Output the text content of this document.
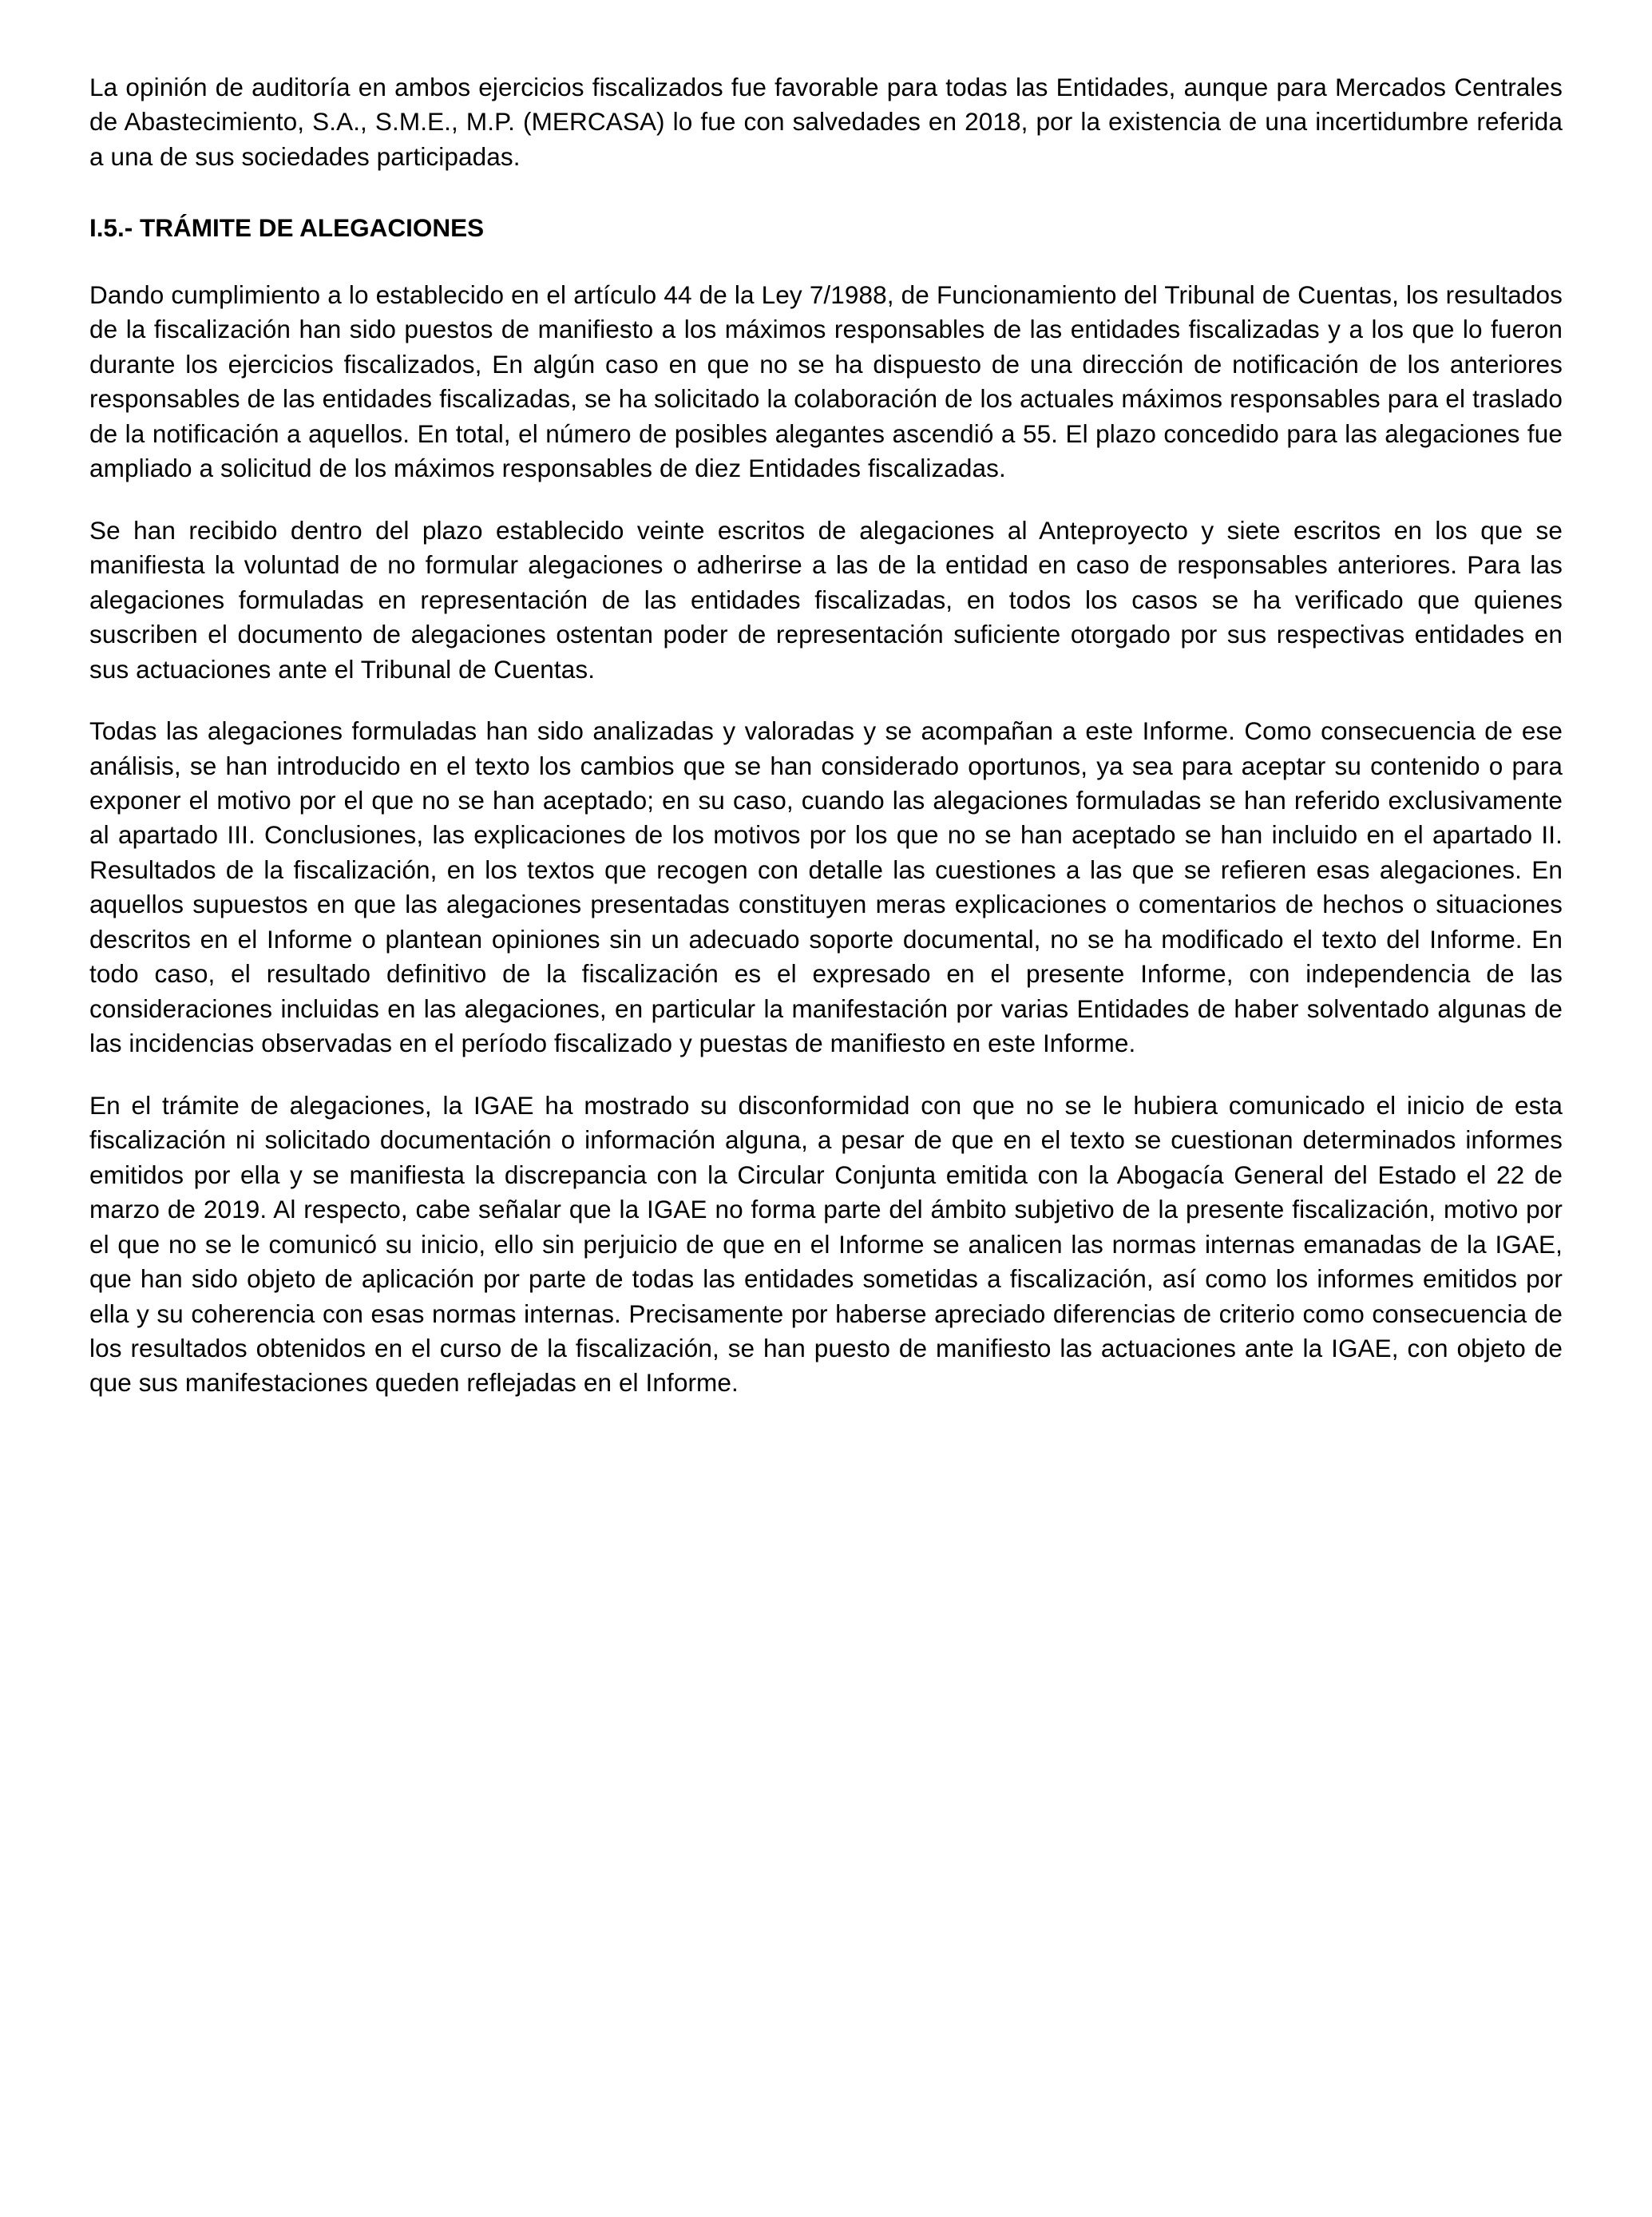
La opinión de auditoría en ambos ejercicios fiscalizados fue favorable para todas las Entidades, aunque para Mercados Centrales de Abastecimiento, S.A., S.M.E., M.P. (MERCASA) lo fue con salvedades en 2018, por la existencia de una incertidumbre referida a una de sus sociedades participadas.

I.5.- TRÁMITE DE ALEGACIONES

Dando cumplimiento a lo establecido en el artículo 44 de la Ley 7/1988, de Funcionamiento del Tribunal de Cuentas, los resultados de la fiscalización han sido puestos de manifiesto a los máximos responsables de las entidades fiscalizadas y a los que lo fueron durante los ejercicios fiscalizados, En algún caso en que no se ha dispuesto de una dirección de notificación de los anteriores responsables de las entidades fiscalizadas, se ha solicitado la colaboración de los actuales máximos responsables para el traslado de la notificación a aquellos. En total, el número de posibles alegantes ascendió a 55. El plazo concedido para las alegaciones fue ampliado a solicitud de los máximos responsables de diez Entidades fiscalizadas.

Se han recibido dentro del plazo establecido veinte escritos de alegaciones al Anteproyecto y siete escritos en los que se manifiesta la voluntad de no formular alegaciones o adherirse a las de la entidad en caso de responsables anteriores. Para las alegaciones formuladas en representación de las entidades fiscalizadas, en todos los casos se ha verificado que quienes suscriben el documento de alegaciones ostentan poder de representación suficiente otorgado por sus respectivas entidades en sus actuaciones ante el Tribunal de Cuentas.

Todas las alegaciones formuladas han sido analizadas y valoradas y se acompañan a este Informe. Como consecuencia de ese análisis, se han introducido en el texto los cambios que se han considerado oportunos, ya sea para aceptar su contenido o para exponer el motivo por el que no se han aceptado; en su caso, cuando las alegaciones formuladas se han referido exclusivamente al apartado III. Conclusiones, las explicaciones de los motivos por los que no se han aceptado se han incluido en el apartado II. Resultados de la fiscalización, en los textos que recogen con detalle las cuestiones a las que se refieren esas alegaciones. En aquellos supuestos en que las alegaciones presentadas constituyen meras explicaciones o comentarios de hechos o situaciones descritos en el Informe o plantean opiniones sin un adecuado soporte documental, no se ha modificado el texto del Informe. En todo caso, el resultado definitivo de la fiscalización es el expresado en el presente Informe, con independencia de las consideraciones incluidas en las alegaciones, en particular la manifestación por varias Entidades de haber solventado algunas de las incidencias observadas en el período fiscalizado y puestas de manifiesto en este Informe.

En el trámite de alegaciones, la IGAE ha mostrado su disconformidad con que no se le hubiera comunicado el inicio de esta fiscalización ni solicitado documentación o información alguna, a pesar de que en el texto se cuestionan determinados informes emitidos por ella y se manifiesta la discrepancia con la Circular Conjunta emitida con la Abogacía General del Estado el 22 de marzo de 2019. Al respecto, cabe señalar que la IGAE no forma parte del ámbito subjetivo de la presente fiscalización, motivo por el que no se le comunicó su inicio, ello sin perjuicio de que en el Informe se analicen las normas internas emanadas de la IGAE, que han sido objeto de aplicación por parte de todas las entidades sometidas a fiscalización, así como los informes emitidos por ella y su coherencia con esas normas internas. Precisamente por haberse apreciado diferencias de criterio como consecuencia de los resultados obtenidos en el curso de la fiscalización, se han puesto de manifiesto las actuaciones ante la IGAE, con objeto de que sus manifestaciones queden reflejadas en el Informe.
